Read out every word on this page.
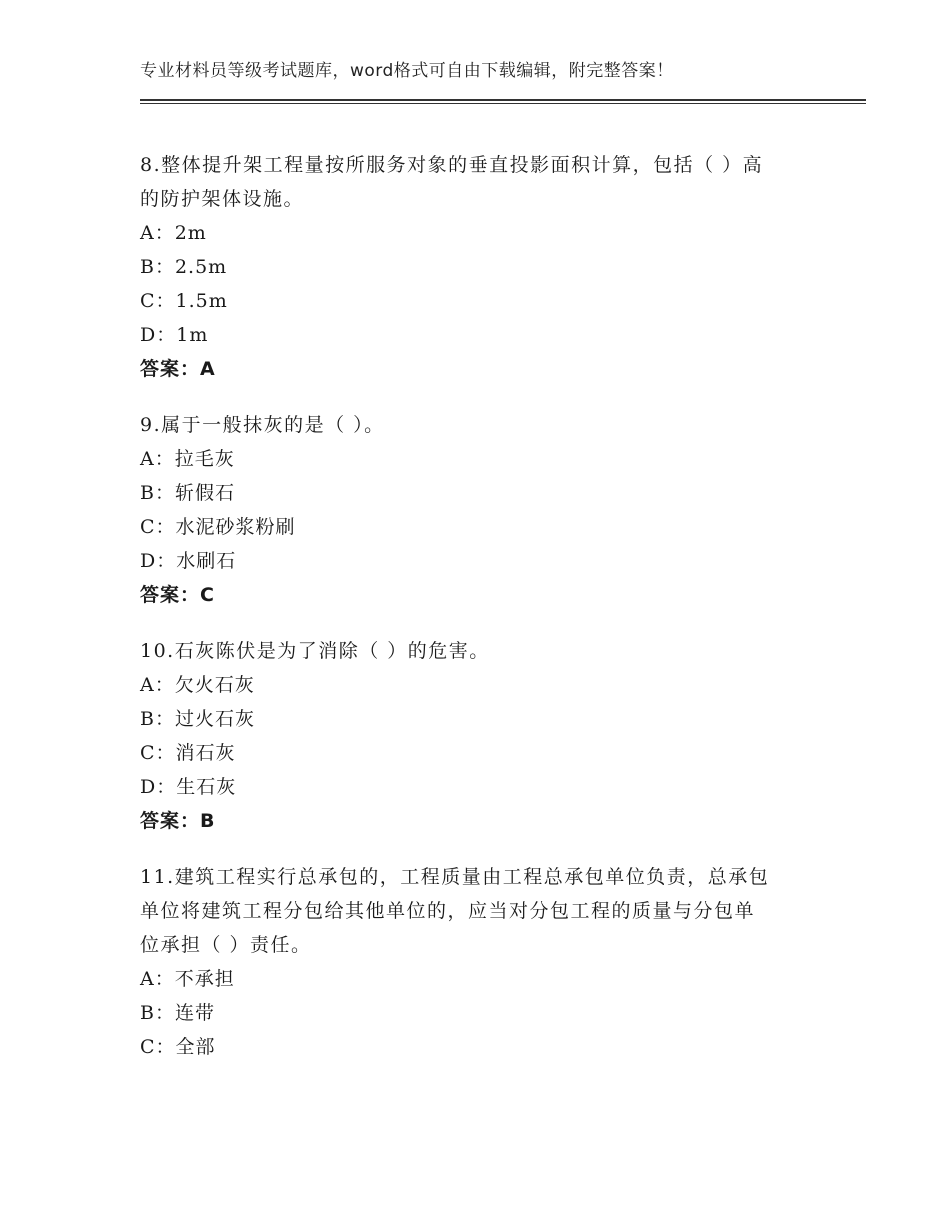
专业材料员等级考试题库，word格式可自由下载编辑，附完整答案！
8.整体提升架工程量按所服务对象的垂直投影面积计算，包括（ ）高
的防护架体设施。
A：2m
B：2.5m
C：1.5m
D：1m
答案：A
9.属于一般抹灰的是（ ）。
A：拉毛灰
B：斩假石
C：水泥砂浆粉刷
D：水刷石
答案：C
10.石灰陈伏是为了消除（ ）的危害。
A：欠火石灰
B：过火石灰
C：消石灰
D：生石灰
答案：B
11.建筑工程实行总承包的，工程质量由工程总承包单位负责，总承包
单位将建筑工程分包给其他单位的，应当对分包工程的质量与分包单
位承担（ ）责任。
A：不承担
B：连带
C：全部
